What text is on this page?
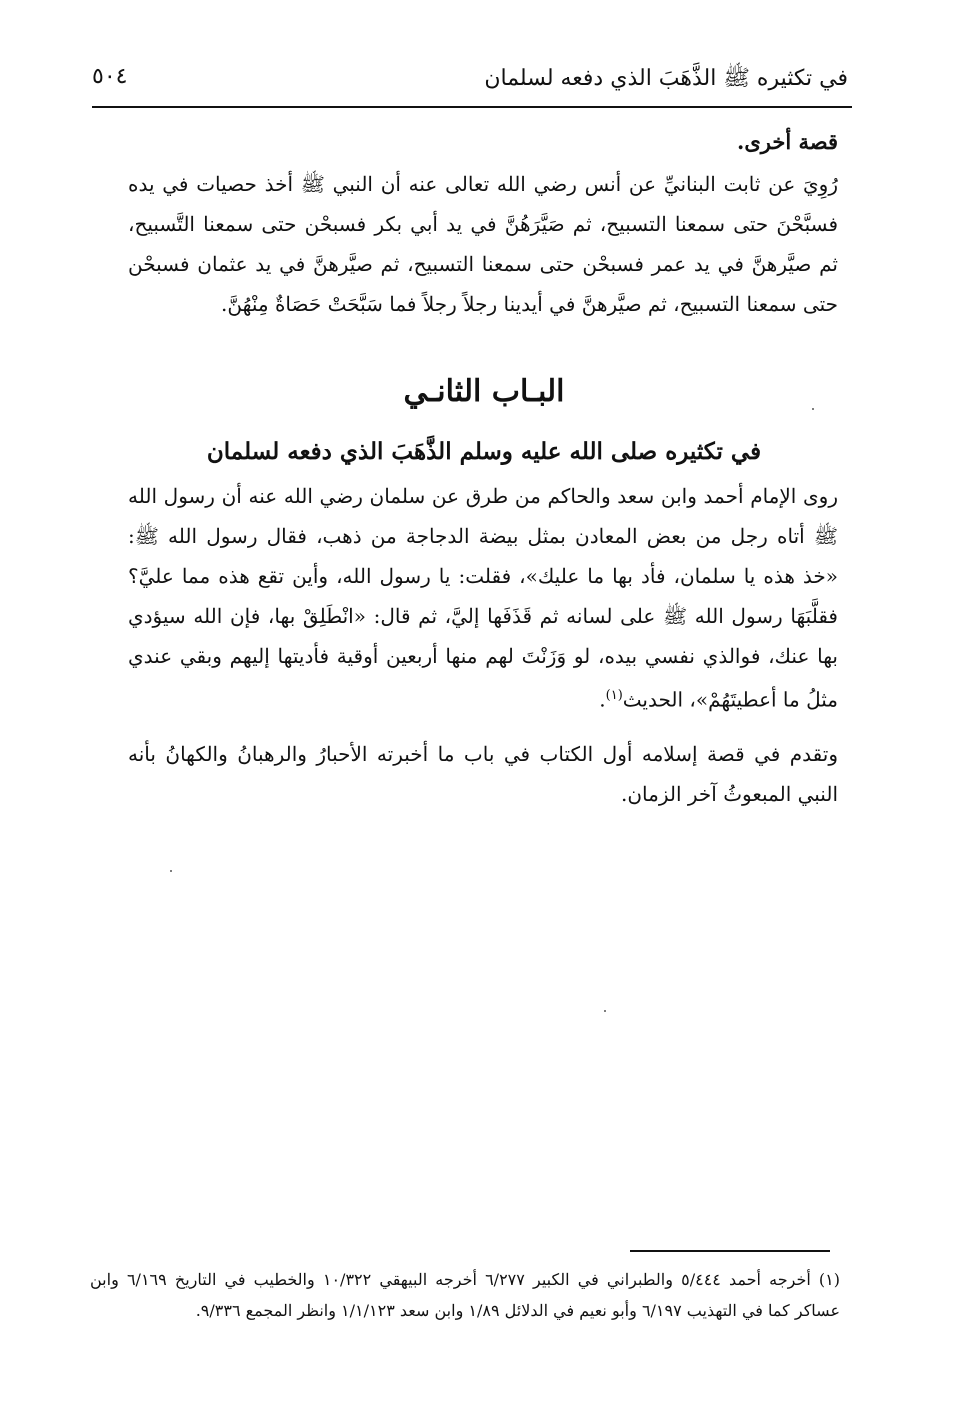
في تكثيره ﷺ الذَّهَبَ الذي دفعه لسلمان
٥٠٤

قصة أخرى.

رُوِيَ عن ثابت البنانيِّ عن أنس رضي الله تعالى عنه أن النبي ﷺ أخذ حصيات في يده فسبَّحْنَ حتى سمعنا التسبيح، ثم صَيَّرَهُنَّ في يد أبي بكر فسبحْن حتى سمعنا التَّسبيح، ثم صيَّرهنَّ في يد عمر فسبحْن حتى سمعنا التسبيح، ثم صيَّرهنَّ في يد عثمان فسبحْن حتى سمعنا التسبيح، ثم صيَّرهنَّ في أيدينا رجلاً رجلاً فما سَبَّحَتْ حَصَاةٌ مِنْهُنَّ.

البـاب الثانـي
في تكثيره صلى الله عليه وسلم الذَّهَبَ الذي دفعه لسلمان

روى الإمام أحمد وابن سعد والحاكم من طرق عن سلمان رضي الله عنه أن رسول الله ﷺ أتاه رجل من بعض المعادن بمثل بيضة الدجاجة من ذهب، فقال رسول الله ﷺ: «خذ هذه يا سلمان، فأد بها ما عليك»، فقلت: يا رسول الله، وأين تقع هذه مما عليَّ؟ فقلَّبَهَا رسول الله ﷺ على لسانه ثم قَذَفَها إليَّ، ثم قال: «انْطَلِقْ بها، فإن الله سيؤدي بها عنك، فوالذي نفسي بيده، لو وَزَنْتَ لهم منها أربعين أوقية فأديتها إليهم وبقي عندي مثلُ ما أعطيتَهُمْ»، الحديث$^{(١)}$.

وتقدم في قصة إسلامه أول الكتاب في باب ما أخبرته الأحبارُ والرهبانُ والكهانُ بأنه النبي المبعوثُ آخر الزمان.

(١) أخرجه أحمد ٥/٤٤٤ والطبراني في الكبير ٦/٢٧٧ أخرجه البيهقي ١٠/٣٢٢ والخطيب في التاريخ ٦/١٦٩ وابن عساكر كما في التهذيب ٦/١٩٧ وأبو نعيم في الدلائل ١/٨٩ وابن سعد ١/١/١٢٣ وانظر المجمع ٩/٣٣٦.
